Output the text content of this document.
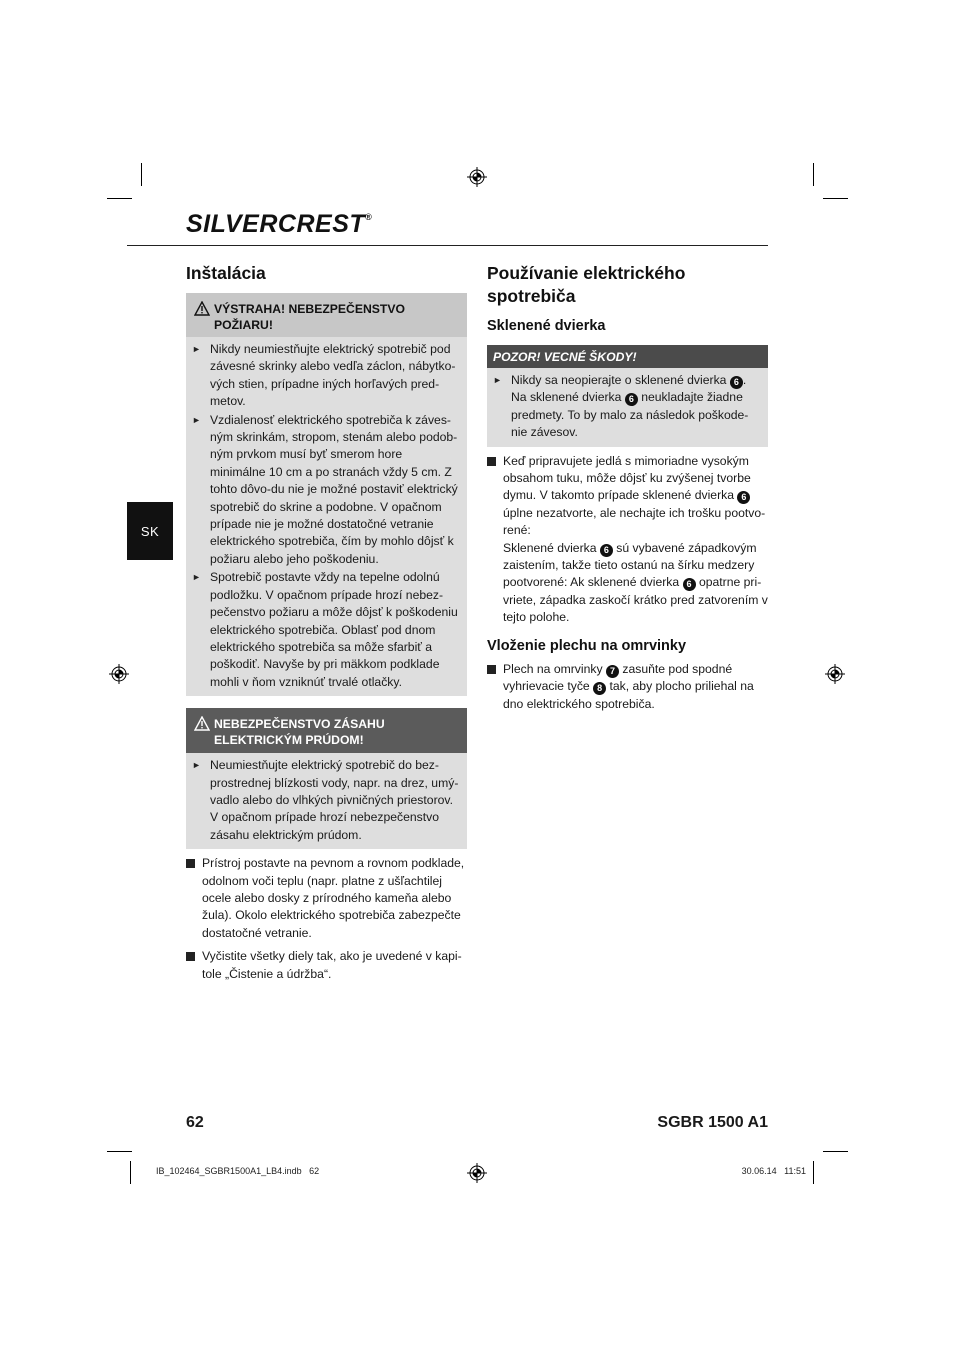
SILVERCREST®
SK
Inštalácia
VÝSTRAHA! NEBEZPEČENSTVO POŽIARU!
► Nikdy neumiestňujte elektrický spotrebič pod závesné skrinky alebo vedľa záclon, nábytko-vých stien, prípadne iných horľavých pred-metov.
► Vzdialenosť elektrického spotrebiča k záves-ným skrinkám, stropom, stenám alebo podob-ným prvkom musí byť smerom hore minimálne 10 cm a po stranách vždy 5 cm. Z tohto dôvo-du nie je možné postaviť elektrický spotrebič do skrine a podobne. V opačnom prípade nie je možné dostatočné vetranie elektrického spotrebiča, čím by mohlo dôjsť k požiaru alebo jeho poškodeniu.
► Spotrebič postavte vždy na tepelne odolnú podložku. V opačnom prípade hrozí nebez-pečenstvo požiaru a môže dôjsť k poškodeniu elektrického spotrebiča. Oblasť pod dnom elektrického spotrebiča sa môže sfarbiť a poškodiť. Navyše by pri mäkkom podklade mohli v ňom vzniknúť trvalé otlačky.
NEBEZPEČENSTVO ZÁSAHU ELEKTRICKÝM PRÚDOM!
► Neumiestňujte elektrický spotrebič do bez-prostrednej blízkosti vody, napr. na drez, umý-vadlo alebo do vlhkých pivničných priestorov. V opačnom prípade hrozí nebezpečenstvo zásahu elektrickým prúdom.
Prístroj postavte na pevnom a rovnom podklade, odolnom voči teplu (napr. platne z ušľachtilej ocele alebo dosky z prírodného kameňa alebo žula). Okolo elektrického spotrebiča zabezpečte dostatočné vetranie.
Vyčistite všetky diely tak, ako je uvedené v kapi-tole „Čistenie a údržba“.
Používanie elektrického spotrebiča
Sklenené dvierka
POZOR! VECNÉ ŠKODY!
► Nikdy sa neopierajte o sklenené dvierka 6 . Na sklenené dvierka 6 neukladajte žiadne predmety. To by malo za následok poškode-nie závesov.
Keď pripravujete jedlá s mimoriadne vysokým obsahom tuku, môže dôjsť ku zvýšenej tvorbe dymu. V takomto prípade sklenené dvierka 6 úplne nezatvorte, ale nechajte ich trošku pootvo-rené:
Sklenené dvierka 6 sú vybavené západkovým zaistením, takže tieto ostanú na šírku medzery pootvorené: Ak sklenené dvierka 6 opatrne pri-vriete, západka zaskočí krátko pred zatvorením v tejto polohe.
Vloženie plechu na omrvinky
Plech na omrvinky 7 zasuňte pod spodné vyhrievacie tyče 8 tak, aby plocho priliehal na dno elektrického spotrebiča.
62	SGBR 1500 A1
IB_102464_SGBR1500A1_LB4.indb   62	30.06.14   11:51
